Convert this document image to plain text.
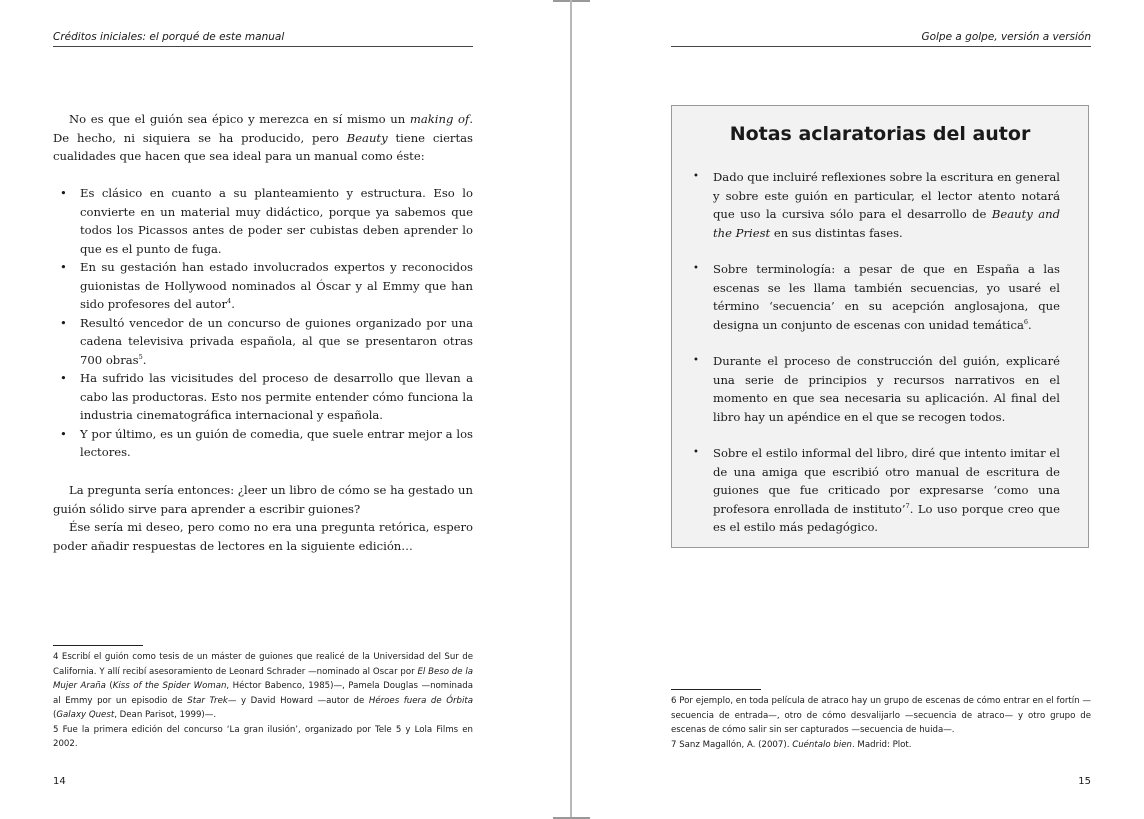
Créditos iniciales: el porqué de este manual

No es que el guión sea épico y merezca en sí mismo un making of. De hecho, ni siquiera se ha producido, pero Beauty tiene ciertas cualidades que hacen que sea ideal para un manual como éste:

• Es clásico en cuanto a su planteamiento y estructura. Eso lo convierte en un material muy didáctico, porque ya sabemos que todos los Picassos antes de poder ser cubistas deben aprender lo que es el punto de fuga.
• En su gestación han estado involucrados expertos y reconocidos guionistas de Hollywood nominados al Óscar y al Emmy que han sido profesores del autor$^4$.
• Resultó vencedor de un concurso de guiones organizado por una cadena televisiva privada española, al que se presentaron otras 700 obras$^5$.
• Ha sufrido las vicisitudes del proceso de desarrollo que llevan a cabo las productoras. Esto nos permite entender cómo funciona la industria cinematográfica internacional y española.
• Y por último, es un guión de comedia, que suele entrar mejor a los lectores.

La pregunta sería entonces: ¿leer un libro de cómo se ha gestado un guión sólido sirve para aprender a escribir guiones?

Ése sería mi deseo, pero como no era una pregunta retórica, espero poder añadir respuestas de lectores en la siguiente edición…

4 Escribí el guión como tesis de un máster de guiones que realicé de la Universidad del Sur de California. Y allí recibí asesoramiento de Leonard Schrader —nominado al Oscar por El Beso de la Mujer Araña (Kiss of the Spider Woman, Héctor Babenco, 1985)—, Pamela Douglas —nominada al Emmy por un episodio de Star Trek— y David Howard —autor de Héroes fuera de Órbita (Galaxy Quest, Dean Parisot, 1999)—.

5 Fue la primera edición del concurso ‘La gran ilusión’, organizado por Tele 5 y Lola Films en 2002.

14
Golpe a golpe, versión a versión
Notas aclaratorias del autor
• Dado que incluiré reflexiones sobre la escritura en general y sobre este guión en particular, el lector atento notará que uso la cursiva sólo para el desarrollo de Beauty and the Priest en sus distintas fases.
• Sobre terminología: a pesar de que en España a las escenas se les llama también secuencias, yo usaré el término ‘secuencia’ en su acepción anglosajona, que designa un conjunto de escenas con unidad temática$^6$.
• Durante el proceso de construcción del guión, explicaré una serie de principios y recursos narrativos en el momento en que sea necesaria su aplicación. Al final del libro hay un apéndice en el que se recogen todos.
• Sobre el estilo informal del libro, diré que intento imitar el de una amiga que escribió otro manual de escritura de guiones que fue criticado por expresarse ‘como una profesora enrollada de instituto’$^7$. Lo uso porque creo que es el estilo más pedagógico.

6 Por ejemplo, en toda película de atraco hay un grupo de escenas de cómo entrar en el fortín —secuencia de entrada—, otro de cómo desvalijarlo —secuencia de atraco— y otro grupo de escenas de cómo salir sin ser capturados —secuencia de huida—.

7 Sanz Magallón, A. (2007). Cuéntalo bien. Madrid: Plot.

15
